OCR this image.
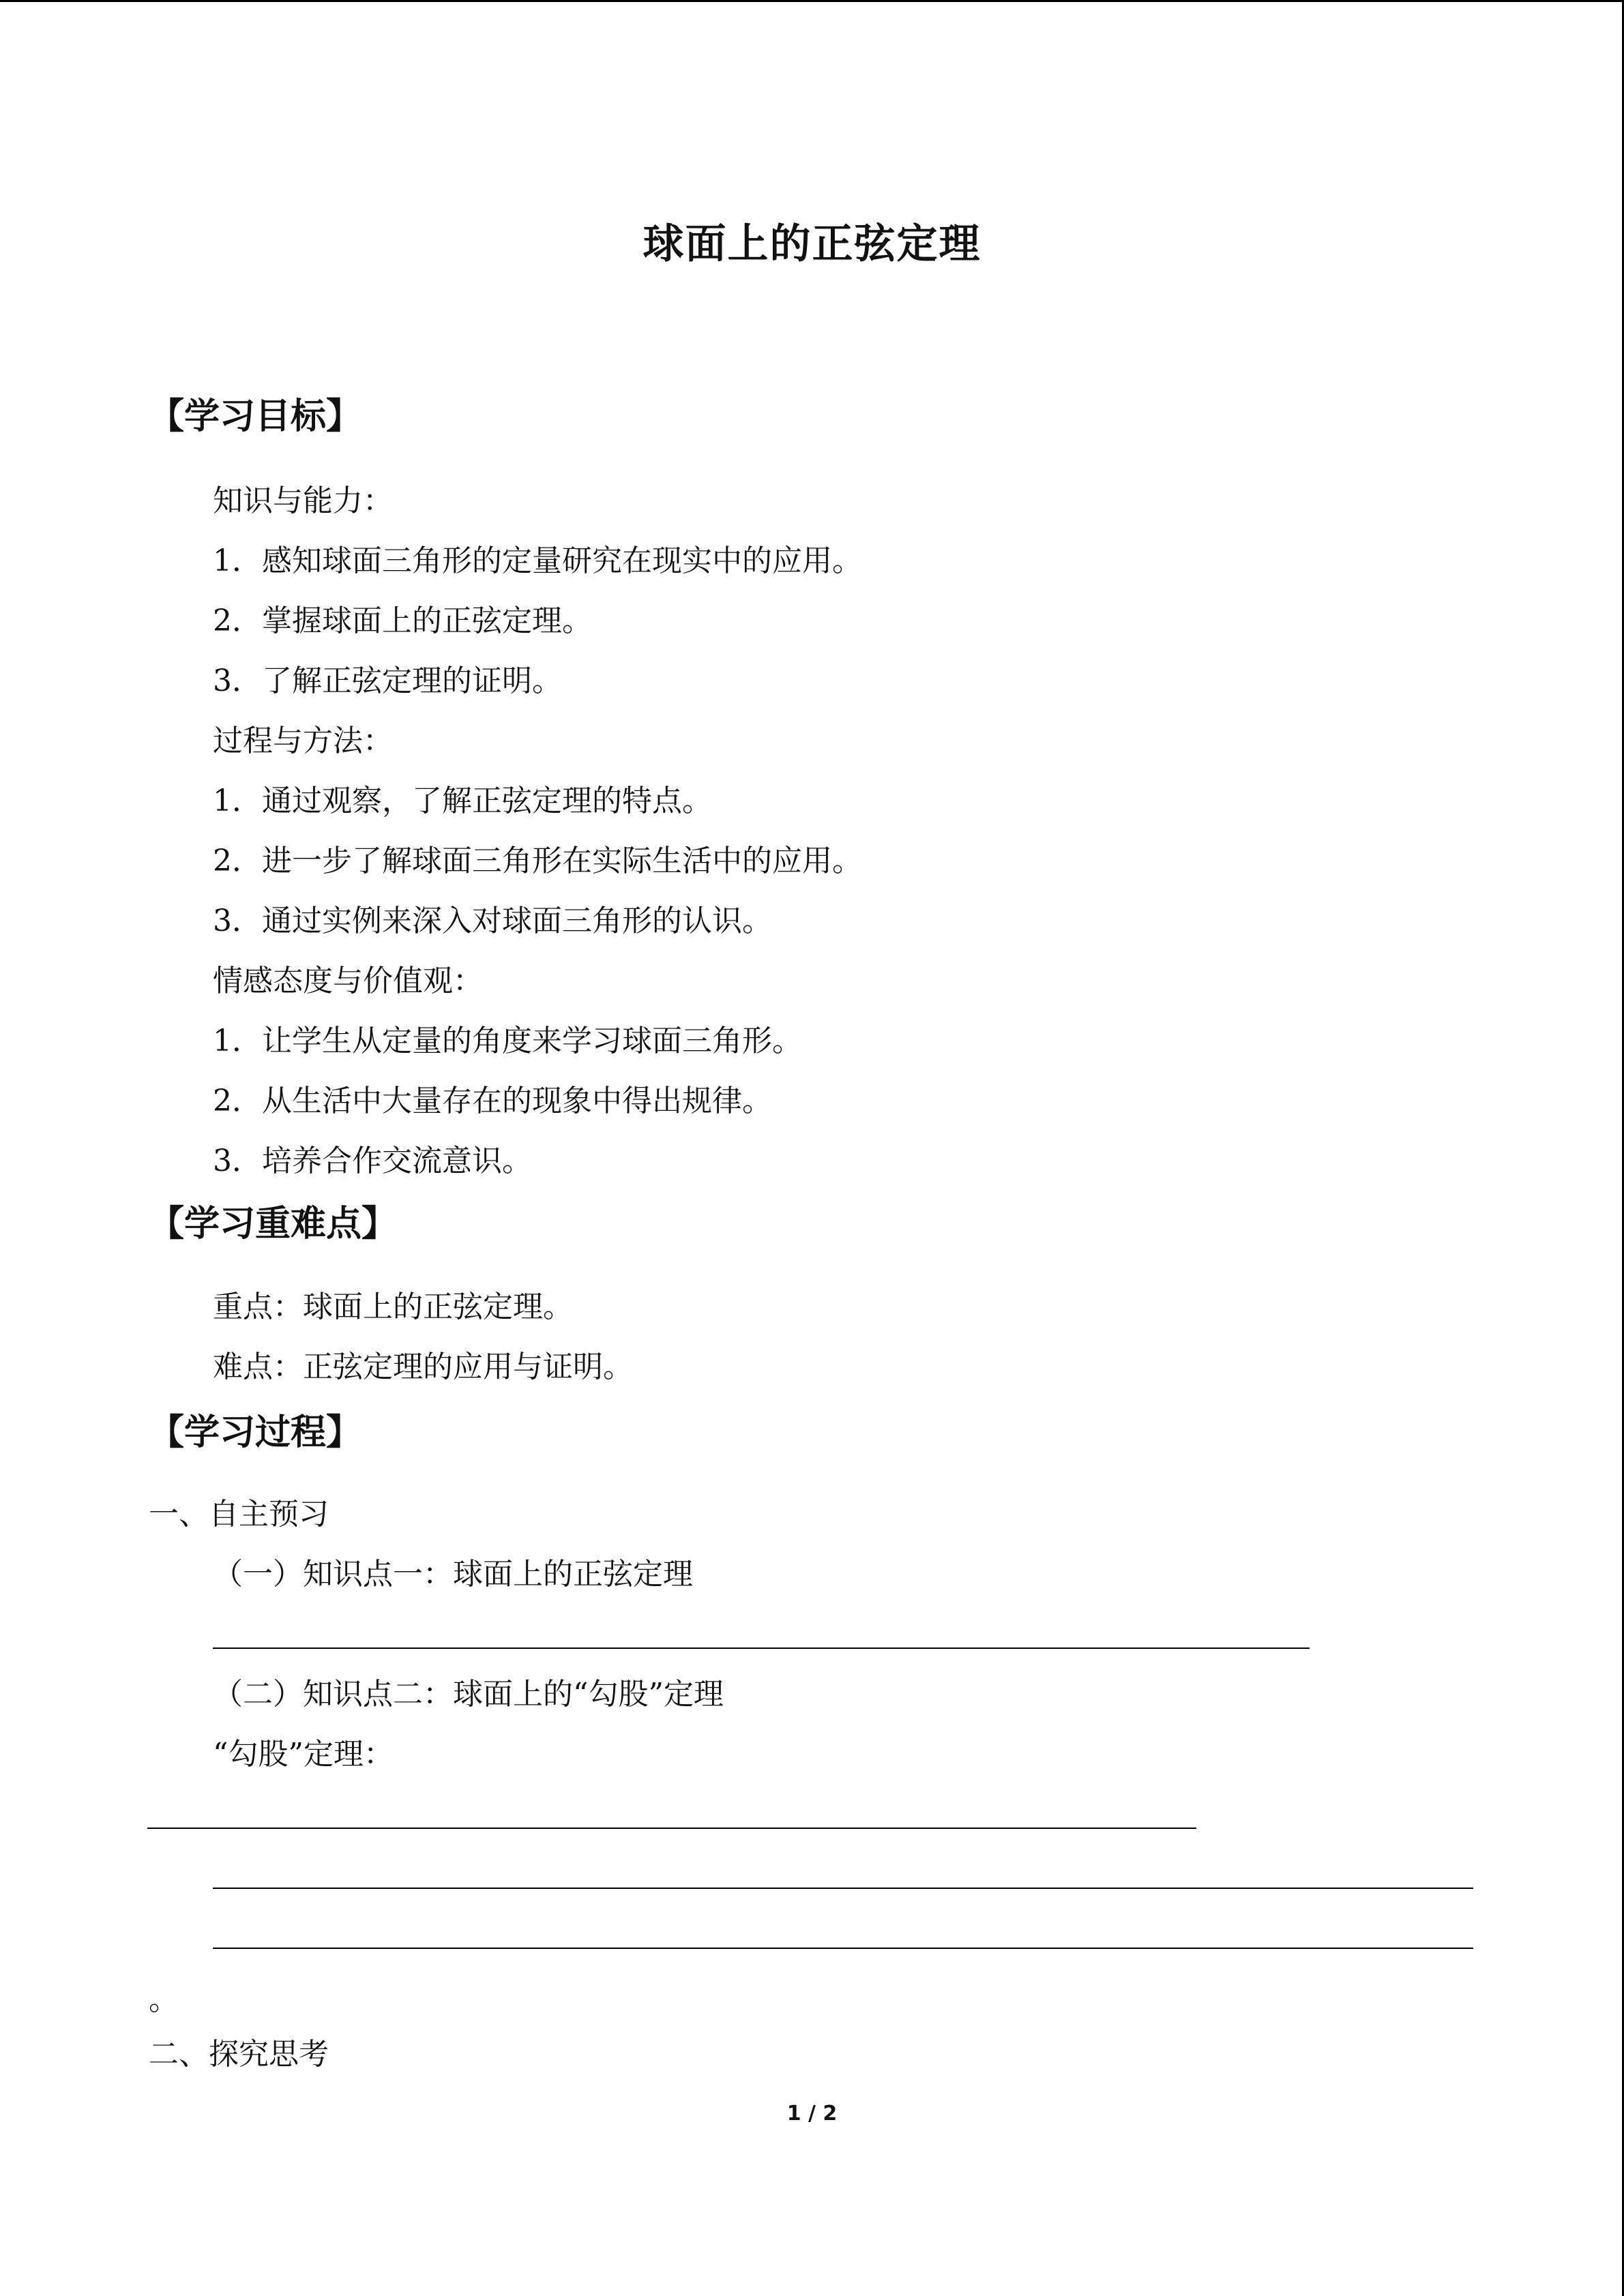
球面上的正弦定理
【学习目标】
知识与能力：
1．感知球面三角形的定量研究在现实中的应用。
2．掌握球面上的正弦定理。
3．了解正弦定理的证明。
过程与方法：
1．通过观察，了解正弦定理的特点。
2．进一步了解球面三角形在实际生活中的应用。
3．通过实例来深入对球面三角形的认识。
情感态度与价值观：
1．让学生从定量的角度来学习球面三角形。
2．从生活中大量存在的现象中得出规律。
3．培养合作交流意识。
【学习重难点】
重点：球面上的正弦定理。
难点：正弦定理的应用与证明。
【学习过程】
一、自主预习
（一）知识点一：球面上的正弦定理
（二）知识点二：球面上的“勾股”定理
“勾股”定理：
。
二、探究思考
1 / 2
